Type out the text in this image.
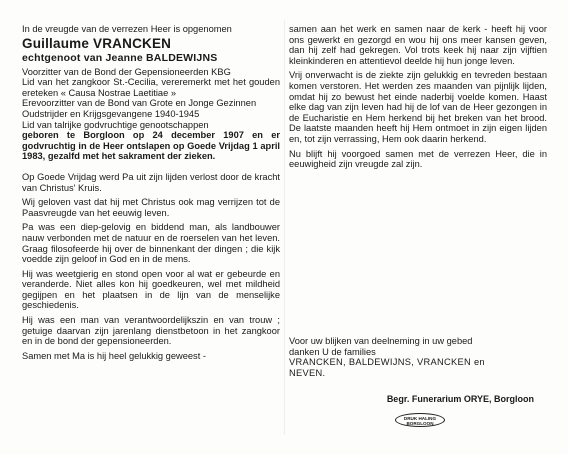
In de vreugde van de verrezen Heer is opgenomen

Guillaume VRANCKEN
echtgenoot van Jeanne BALDEWIJNS

Voorzitter van de Bond der Gepensioneerden KBG

Lid van het zangkoor St.-Cecilia, vereremerkt met het gouden ereteken « Causa Nostrae Laetitiae »

Erevoorzitter van de Bond van Grote en Jonge Gezinnen

Oudstrijder en Krijgsgevangene 1940-1945

Lid van talrijke godvruchtige genootschappen

geboren te Borgloon op 24 december 1907 en er godvruchtig in de Heer ontslapen op Goede Vrijdag 1 april 1983, gezalfd met het sakrament der zieken.

Op Goede Vrijdag werd Pa uit zijn lijden verlost door de kracht van Christus' Kruis.

Wij geloven vast dat hij met Christus ook mag verrijzen tot de Paasvreugde van het eeuwig leven.

Pa was een diep-gelovig en biddend man, als landbouwer nauw verbonden met de natuur en de roerselen van het leven. Graag filosofeerde hij over de binnenkant der dingen ; die kijk voedde zijn geloof in God en in de mens.

Hij was weetgierig en stond open voor al wat er gebeurde en veranderde. Niet alles kon hij goedkeuren, wel met mildheid gegijpen en het plaatsen in de lijn van de menselijke geschiedenis.

Hij was een man van verantwoordelijkszin en van trouw ; getuige daarvan zijn jarenlang dienstbetoon in het zangkoor en in de bond der gepensioneerden.

Samen met Ma is hij heel gelukkig geweest -

samen aan het werk en samen naar de kerk - heeft hij voor ons gewerkt en gezorgd en wou hij ons meer kansen geven, dan hij zelf had gekregen. Vol trots keek hij naar zijn vijftien kleinkinderen en attentievol deelde hij hun jonge leven.

Vrij onverwacht is de ziekte zijn gelukkig en tevreden bestaan komen verstoren. Het werden zes maanden van pijnlijk lijden, omdat hij zo bewust het einde naderbij voelde komen. Haast elke dag van zijn leven had hij de lof van de Heer gezongen in de Eucharistie en Hem herkend bij het breken van het brood. De laatste maanden heeft hij Hem ontmoet in zijn eigen lijden en, tot zijn verrassing, Hem ook daarin herkend.

Nu blijft hij voorgoed samen met de verrezen Heer, die in eeuwigheid zijn vreugde zal zijn.

Voor uw blijken van deelneming in uw gebed
danken U de families
VRANCKEN, BALDEWIJNS, VRANCKEN en
NEVEN.
Begr. Funerarium ORYE, Borgloon
DRUK HALING
BORGLOON
